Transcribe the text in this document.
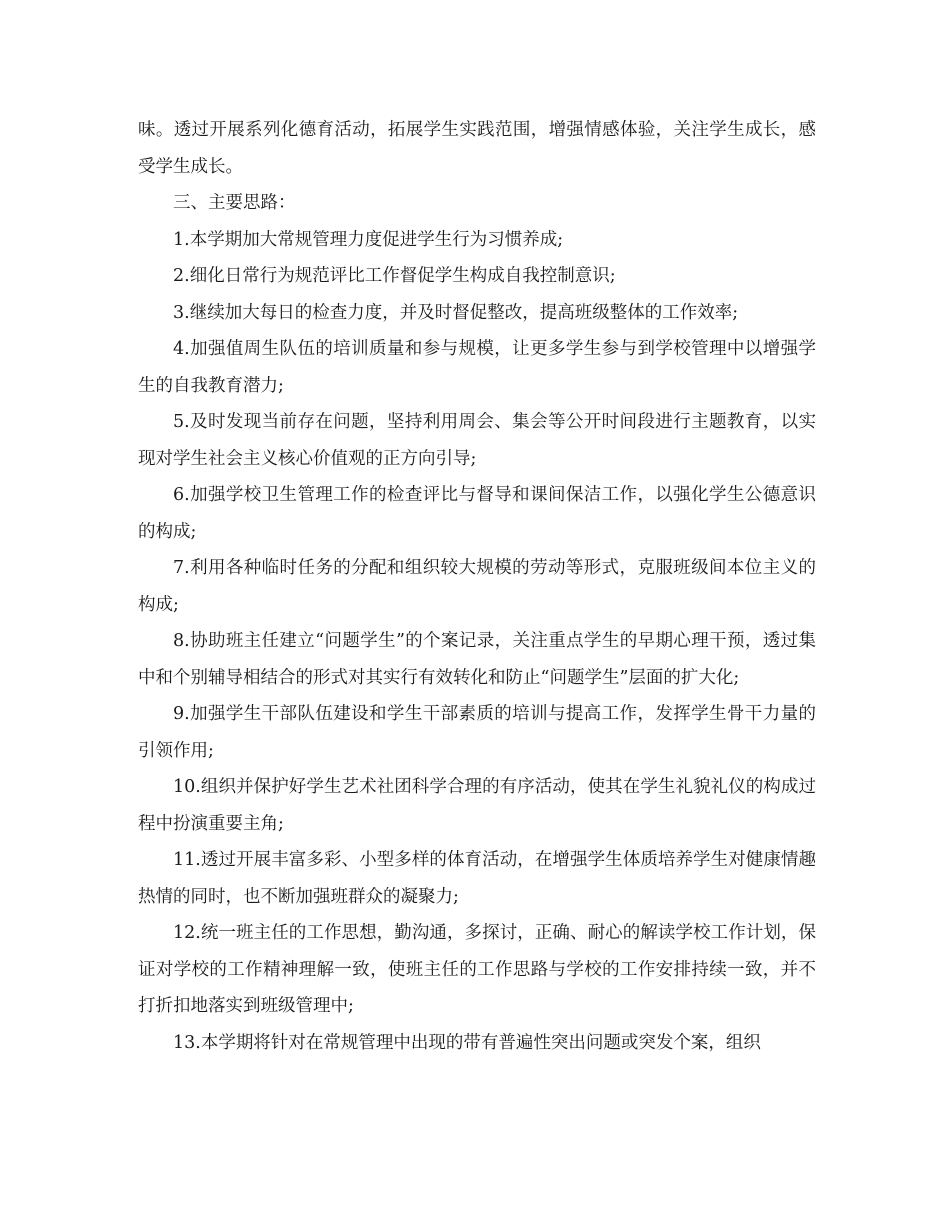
味。透过开展系列化德育活动，拓展学生实践范围，增强情感体验，关注学生成长，感受学生成长。

三、主要思路：

1.本学期加大常规管理力度促进学生行为习惯养成;

2.细化日常行为规范评比工作督促学生构成自我控制意识;

3.继续加大每日的检查力度，并及时督促整改，提高班级整体的工作效率;

4.加强值周生队伍的培训质量和参与规模，让更多学生参与到学校管理中以增强学生的自我教育潜力;

5.及时发现当前存在问题，坚持利用周会、集会等公开时间段进行主题教育，以实现对学生社会主义核心价值观的正方向引导;

6.加强学校卫生管理工作的检查评比与督导和课间保洁工作，以强化学生公德意识的构成;

7.利用各种临时任务的分配和组织较大规模的劳动等形式，克服班级间本位主义的构成;

8.协助班主任建立“问题学生”的个案记录，关注重点学生的早期心理干预，透过集中和个别辅导相结合的形式对其实行有效转化和防止“问题学生”层面的扩大化;

9.加强学生干部队伍建设和学生干部素质的培训与提高工作，发挥学生骨干力量的引领作用;

10.组织并保护好学生艺术社团科学合理的有序活动，使其在学生礼貌礼仪的构成过程中扮演重要主角;

11.透过开展丰富多彩、小型多样的体育活动，在增强学生体质培养学生对健康情趣热情的同时，也不断加强班群众的凝聚力;

12.统一班主任的工作思想，勤沟通，多探讨，正确、耐心的解读学校工作计划，保证对学校的工作精神理解一致，使班主任的工作思路与学校的工作安排持续一致，并不打折扣地落实到班级管理中;

13.本学期将针对在常规管理中出现的带有普遍性突出问题或突发个案，组织
